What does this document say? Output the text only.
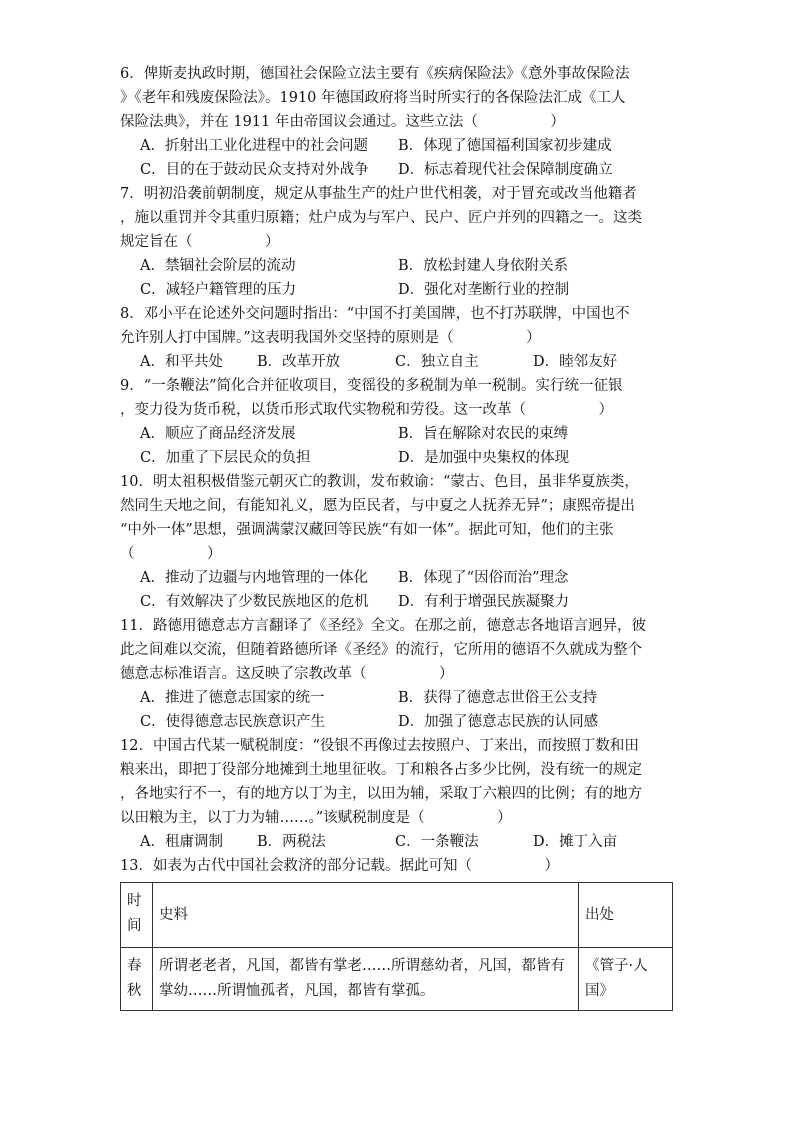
6．俾斯麦执政时期，德国社会保险立法主要有《疾病保险法》《意外事故保险法
》《老年和残废保险法》。1910 年德国政府将当时所实行的各保险法汇成《工人
保险法典》，并在 1911 年由帝国议会通过。这些立法（　　　　　）
A．折射出工业化进程中的社会问题 B．体现了德国福利国家初步建成
C．目的在于鼓动民众支持对外战争 D．标志着现代社会保障制度确立
7．明初沿袭前朝制度，规定从事盐生产的灶户世代相袭，对于冒充或改当他籍者
，施以重罚并令其重归原籍；灶户成为与军户、民户、匠户并列的四籍之一。这类
规定旨在（　　　　　）
A．禁锢社会阶层的流动	B．放松封建人身依附关系
C．减轻户籍管理的压力	D．强化对垄断行业的控制
8．邓小平在论述外交问题时指出：“中国不打美国牌，也不打苏联牌，中国也不
允许别人打中国牌。”这表明我国外交坚持的原则是（　　　　　）
A．和平共处 B．改革开放	C．独立自主	D．睦邻友好
9．“一条鞭法”简化合并征收项目，变徭役的多税制为单一税制。实行统一征银
，变力役为货币税，以货币形式取代实物税和劳役。这一改革（　　　　　）
A．顺应了商品经济发展	B．旨在解除对农民的束缚
C．加重了下层民众的负担	D．是加强中央集权的体现
10．明太祖积极借鉴元朝灭亡的教训，发布敕谕：“蒙古、色目，虽非华夏族类，
然同生天地之间，有能知礼义，愿为臣民者，与中夏之人抚养无异”；康熙帝提出
“中外一体”思想，强调满蒙汉藏回等民族“有如一体”。据此可知，他们的主张
（　　　　　）
A．推动了边疆与内地管理的一体化 B．体现了“因俗而治”理念
C．有效解决了少数民族地区的危机 D．有利于增强民族凝聚力
11．路德用德意志方言翻译了《圣经》全文。在那之前，德意志各地语言迥异，彼
此之间难以交流，但随着路德所译《圣经》的流行，它所用的德语不久就成为整个
德意志标准语言。这反映了宗教改革（　　　　　）
A．推进了德意志国家的统一	B．获得了德意志世俗王公支持
C．使得德意志民族意识产生	D．加强了德意志民族的认同感
12．中国古代某一赋税制度：“役银不再像过去按照户、丁来出，而按照丁数和田
粮来出，即把丁役部分地摊到土地里征收。丁和粮各占多少比例，没有统一的规定
，各地实行不一，有的地方以丁为主，以田为辅，采取丁六粮四的比例；有的地方
以田粮为主，以丁力为辅……。”该赋税制度是（　　　　　）
A．租庸调制 B．两税法	C．一条鞭法	D．摊丁入亩
13．如表为古代中国社会救济的部分记载。据此可知（　　　　　）
时
间	史料	出处
春
秋	所谓老老者，凡国，都皆有掌老……所谓慈幼者，凡国，都皆有掌幼……所谓恤孤者，凡国，都皆有掌孤。	《管子·人国》
